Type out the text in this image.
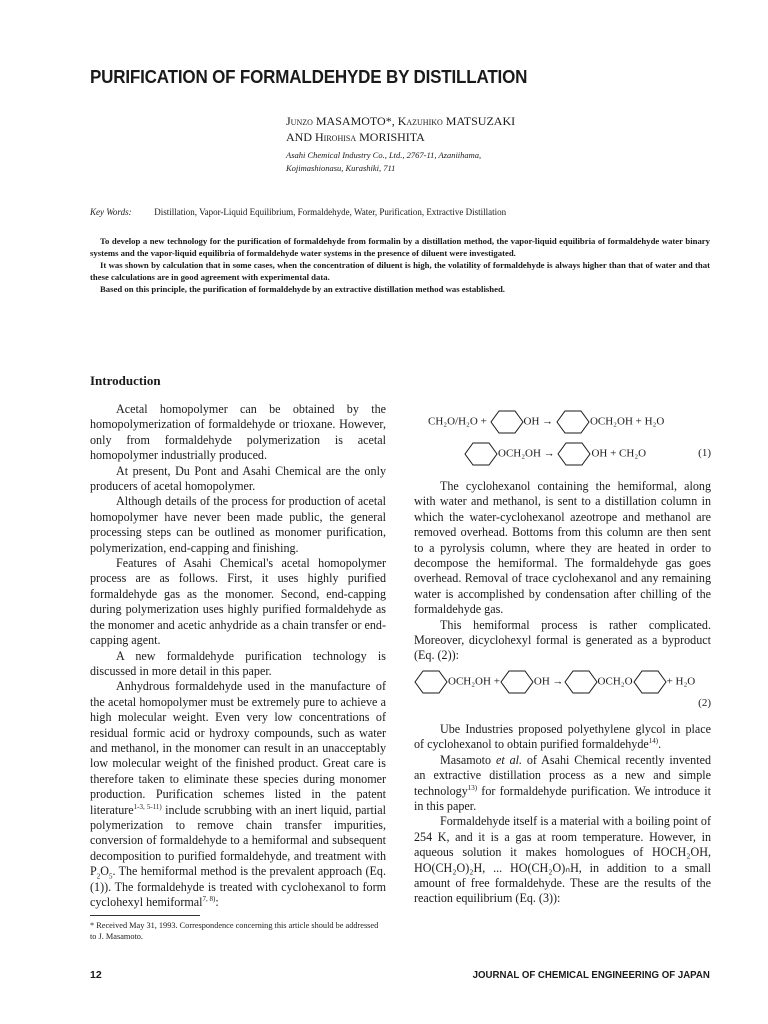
PURIFICATION OF FORMALDEHYDE BY DISTILLATION
Junzo MASAMOTO*, Kazuhiko MATSUZAKI
AND Hirohisa MORISHITA
Asahi Chemical Industry Co., Ltd., 2767-11, Azaniihama,
Kojimashionasu, Kurashiki, 711
Key Words:	Distillation, Vapor-Liquid Equilibrium, Formaldehyde, Water, Purification, Extractive Distillation

To develop a new technology for the purification of formaldehyde from formalin by a distillation method, the vapor-liquid equilibria of formaldehyde water binary systems and the vapor-liquid equilibria of formaldehyde water systems in the presence of diluent were investigated.

It was shown by calculation that in some cases, when the concentration of diluent is high, the volatility of formaldehyde is always higher than that of water and that these calculations are in good agreement with experimental data.

Based on this principle, the purification of formaldehyde by an extractive distillation method was established.

Introduction

Acetal homopolymer can be obtained by the homopolymerization of formaldehyde or trioxane. However, only from formaldehyde polymerization is acetal homopolymer industrially produced.

At present, Du Pont and Asahi Chemical are the only producers of acetal homopolymer.

Although details of the process for production of acetal homopolymer have never been made public, the general processing steps can be outlined as monomer purification, polymerization, end-capping and finishing.

Features of Asahi Chemical's acetal homopolymer process are as follows. First, it uses highly purified formaldehyde gas as the monomer. Second, end-capping during polymerization uses highly purified formaldehyde as the monomer and acetic anhydride as a chain transfer or end-capping agent.

A new formaldehyde purification technology is discussed in more detail in this paper.

Anhydrous formaldehyde used in the manufacture of the acetal homopolymer must be extremely pure to achieve a high molecular weight. Even very low concentrations of residual formic acid or hydroxy compounds, such as water and methanol, in the monomer can result in an unacceptably low molecular weight of the finished product. Great care is therefore taken to eliminate these species during monomer production. Purification schemes listed in the patent literature$^{1-3, 5-11)}$ include scrubbing with an inert liquid, partial polymerization to remove chain transfer impurities, conversion of formaldehyde to a hemiformal and subsequent decomposition to purified formaldehyde, and treatment with $P_2O_5$. The hemiformal method is the prevalent approach (Eq. (1)). The formaldehyde is treated with cyclohexanol to form cyclohexyl hemiformal$^{7, 8)}$:

* Received May 31, 1993. Correspondence concerning this article should be addressed to J. Masamoto.
CH₂O/H₂O +	OH →	OCH₂OH + H₂O
OCH₂OH →	OH + CH₂O	(1)

The cyclohexanol containing the hemiformal, along with water and methanol, is sent to a distillation column in which the water-cyclohexanol azeotrope and methanol are removed overhead. Bottoms from this column are then sent to a pyrolysis column, where they are heated in order to decompose the hemiformal. The formaldehyde gas goes overhead. Removal of trace cyclohexanol and any remaining water is accomplished by condensation after chilling of the formaldehyde gas.

This hemiformal process is rather complicated. Moreover, dicyclohexyl formal is generated as a byproduct (Eq. (2)):

OCH₂OH +	OH →	OCH₂O	+ H₂O
(2)

Ube Industries proposed polyethylene glycol in place of cyclohexanol to obtain purified formaldehyde$^{14)}$.

Masamoto et al. of Asahi Chemical recently invented an extractive distillation process as a new and simple technology$^{13)}$ for formaldehyde purification. We introduce it in this paper.

Formaldehyde itself is a material with a boiling point of 254 K, and it is a gas at room temperature. However, in aqueous solution it makes homologues of HOCH₂OH, HO(CH₂O)₂H, ... HO(CH₂O)ₙH, in addition to a small amount of free formaldehyde. These are the results of the reaction equilibrium (Eq. (3)):

12	JOURNAL OF CHEMICAL ENGINEERING OF JAPAN
